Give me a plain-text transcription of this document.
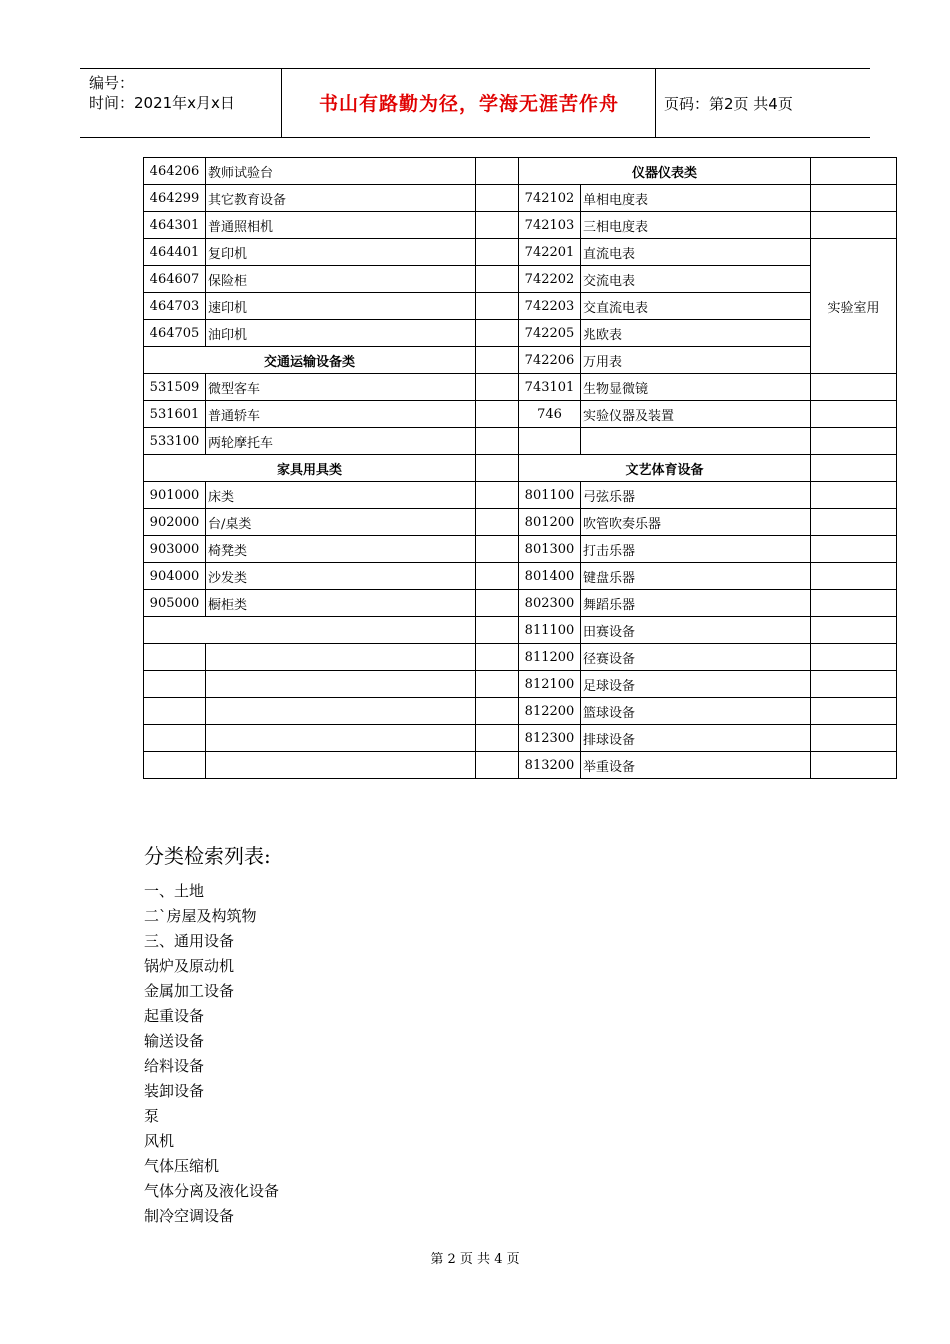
编号：
时间：2021年x月x日	书山有路勤为径，学海无涯苦作舟	页码：第2页 共4页
464206	教师试验台		仪器仪表类		
464299	其它教育设备		742102	单相电度表	
464301	普通照相机		742103	三相电度表	
464401	复印机		742201	直流电表	实验室用
464607	保险柜		742202	交流电表	
464703	速印机		742203	交直流电表	
464705	油印机		742205	兆欧表	
交通运输设备类			742206	万用表	
531509	微型客车		743101	生物显微镜	
531601	普通轿车		746	实验仪器及装置	
533100	两轮摩托车				
家具用具类			文艺体育设备		
901000	床类		801100	弓弦乐器	
902000	台/桌类		801200	吹管吹奏乐器	
903000	椅凳类		801300	打击乐器	
904000	沙发类		801400	键盘乐器	
905000	橱柜类		802300	舞蹈乐器	
			811100	田赛设备	
			811200	径赛设备	
			812100	足球设备	
			812200	篮球设备	
			812300	排球设备	
			813200	举重设备	
分类检索列表:
一、土地
二`房屋及构筑物
三、通用设备
锅炉及原动机
金属加工设备
起重设备
输送设备
给料设备
装卸设备
泵
风机
气体压缩机
气体分离及液化设备
制冷空调设备
第 2 页 共 4 页
